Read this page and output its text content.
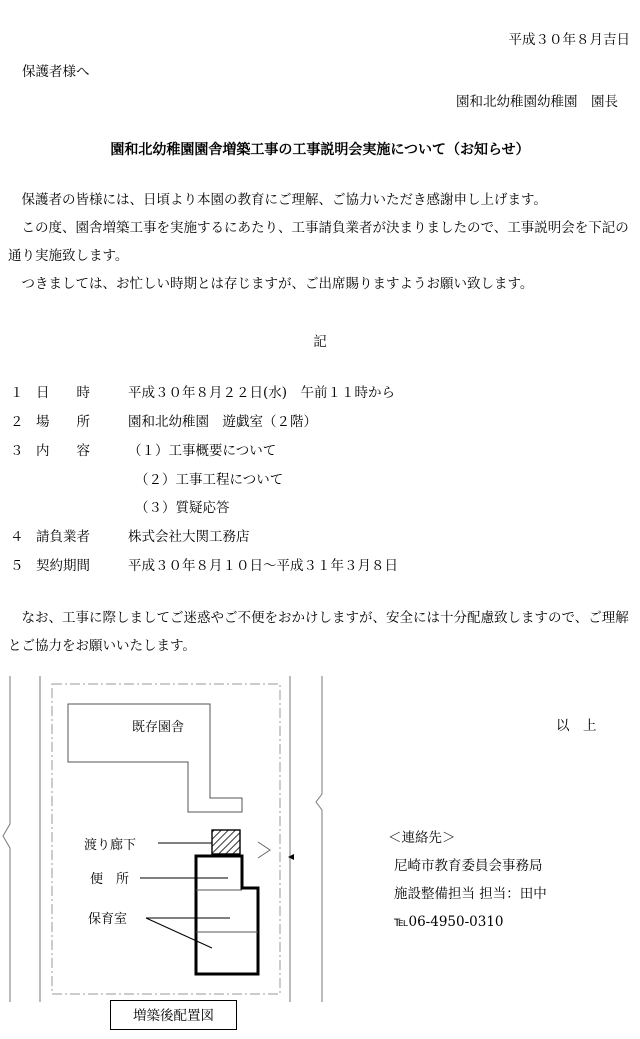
平成３０年８月吉日
保護者様へ
園和北幼稚園幼稚園　園長
園和北幼稚園園舎増築工事の工事説明会実施について（お知らせ）
　保護者の皆様には、日頃より本園の教育にご理解、ご協力いただき感謝申し上げます。
　この度、園舎増築工事を実施するにあたり、工事請負業者が決まりましたので、工事説明会を下記の通り実施致します。
　つきましては、お忙しい時期とは存じますが、ご出席賜りますようお願い致します。
記
１ 日　　時	平成３０年８月２２日(水)　午前１１時から
２ 場　　所	園和北幼稚園　遊戯室（２階）
３ 内　　容	（１）工事概要について
（２）工事工程について
（３）質疑応答
４ 請負業者	株式会社大関工務店
５ 契約期間	平成３０年８月１０日〜平成３１年３月８日
　なお、工事に際しましてご迷惑やご不便をおかけしますが、安全には十分配慮致しますので、ご理解とご協力をお願いいたします。
既存園舎
渡り廊下
便　所
保育室
増築後配置図
以　上
＜連絡先＞
尼崎市教育委員会事務局
施設整備担当 担当：田中
℡06-4950-0310
